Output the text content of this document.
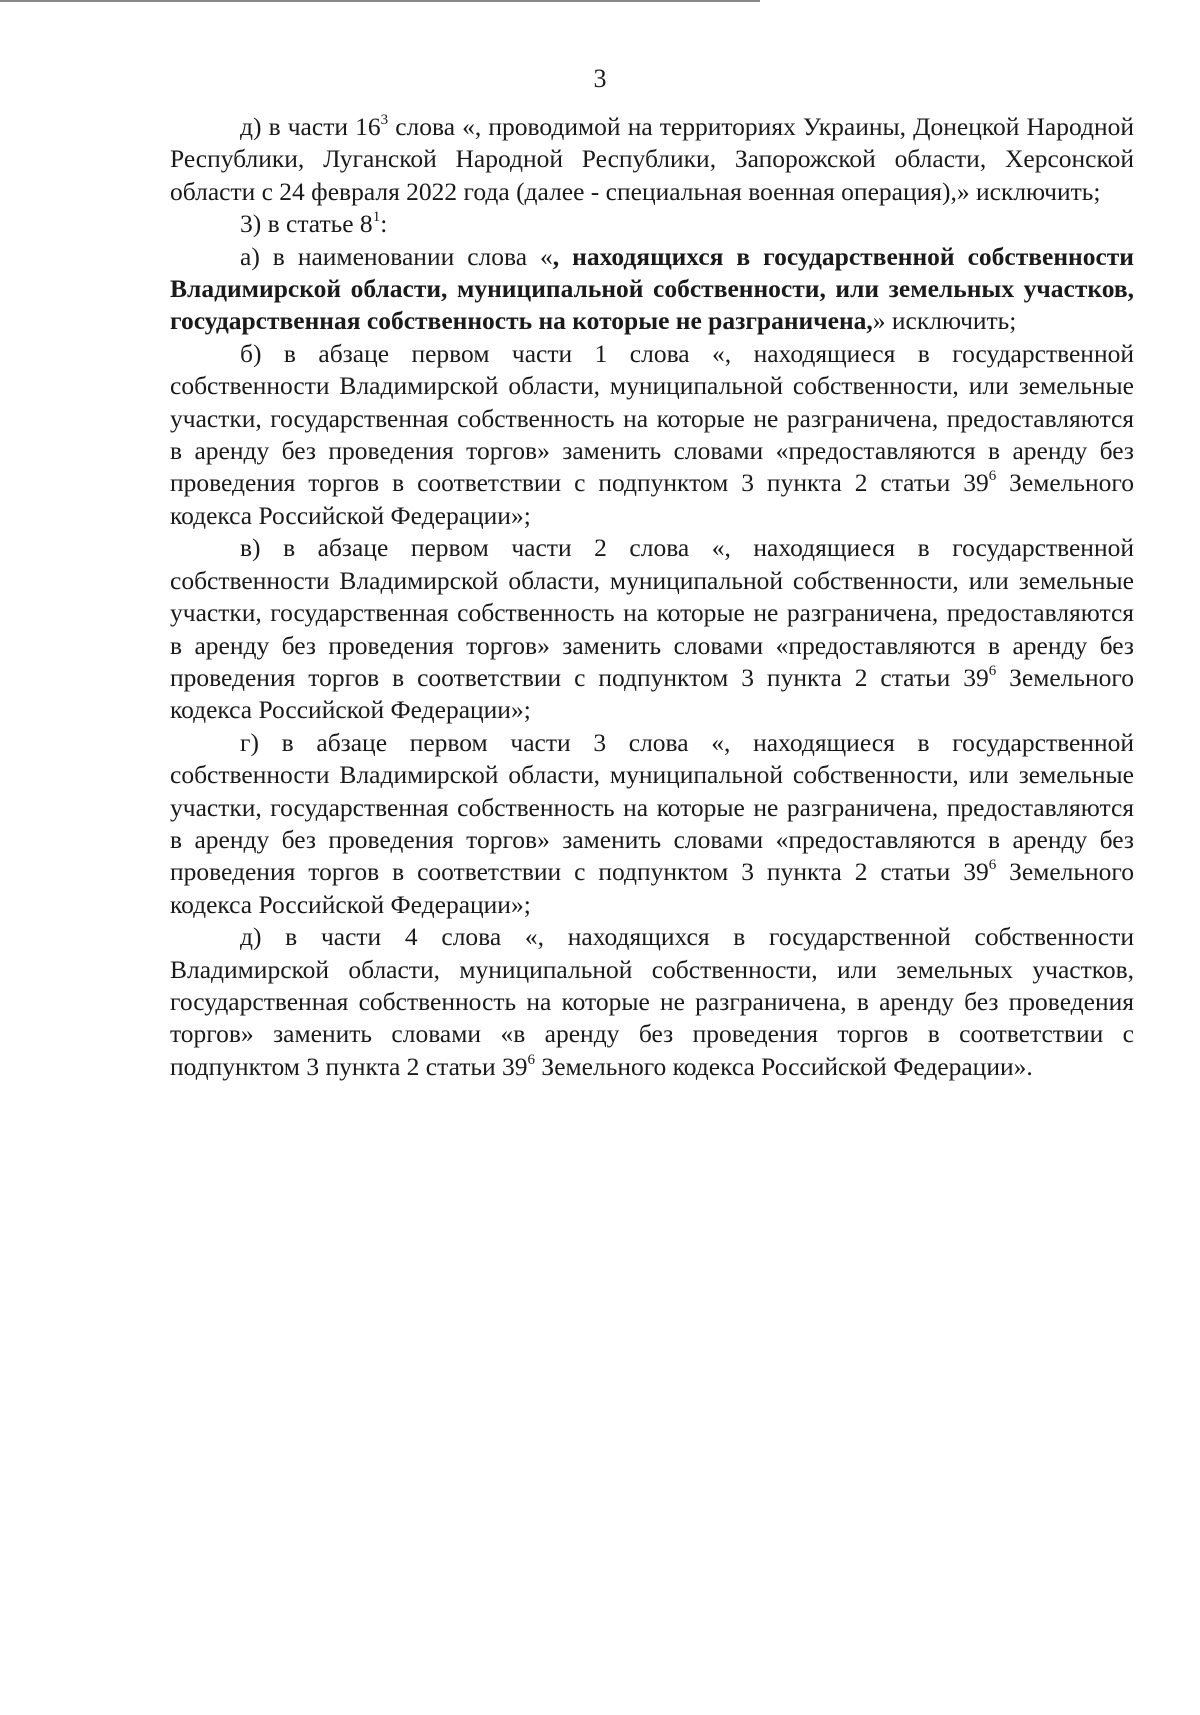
3

д) в части $16^3$ слова «, проводимой на территориях Украины, Донецкой Народной Республики, Луганской Народной Республики, Запорожской области, Херсонской области с 24 февраля 2022 года (далее - специальная военная операция),» исключить;

3) в статье $8^1$:

а) в наименовании слова «, находящихся в государственной собственности Владимирской области, муниципальной собственности, или земельных участков, государственная собственность на которые не разграничена,» исключить;

б) в абзаце первом части 1 слова «, находящиеся в государственной собственности Владимирской области, муниципальной собственности, или земельные участки, государственная собственность на которые не разграничена, предоставляются в аренду без проведения торгов» заменить словами «предоставляются в аренду без проведения торгов в соответствии с подпунктом 3 пункта 2 статьи $39^6$ Земельного кодекса Российской Федерации»;

в) в абзаце первом части 2 слова «, находящиеся в государственной собственности Владимирской области, муниципальной собственности, или земельные участки, государственная собственность на которые не разграничена, предоставляются в аренду без проведения торгов» заменить словами «предоставляются в аренду без проведения торгов в соответствии с подпунктом 3 пункта 2 статьи $39^6$ Земельного кодекса Российской Федерации»;

г) в абзаце первом части 3 слова «, находящиеся в государственной собственности Владимирской области, муниципальной собственности, или земельные участки, государственная собственность на которые не разграничена, предоставляются в аренду без проведения торгов» заменить словами «предоставляются в аренду без проведения торгов в соответствии с подпунктом 3 пункта 2 статьи $39^6$ Земельного кодекса Российской Федерации»;

д) в части 4 слова «, находящихся в государственной собственности Владимирской области, муниципальной собственности, или земельных участков, государственная собственность на которые не разграничена, в аренду без проведения торгов» заменить словами «в аренду без проведения торгов в соответствии с подпунктом 3 пункта 2 статьи $39^6$ Земельного кодекса Российской Федерации».
